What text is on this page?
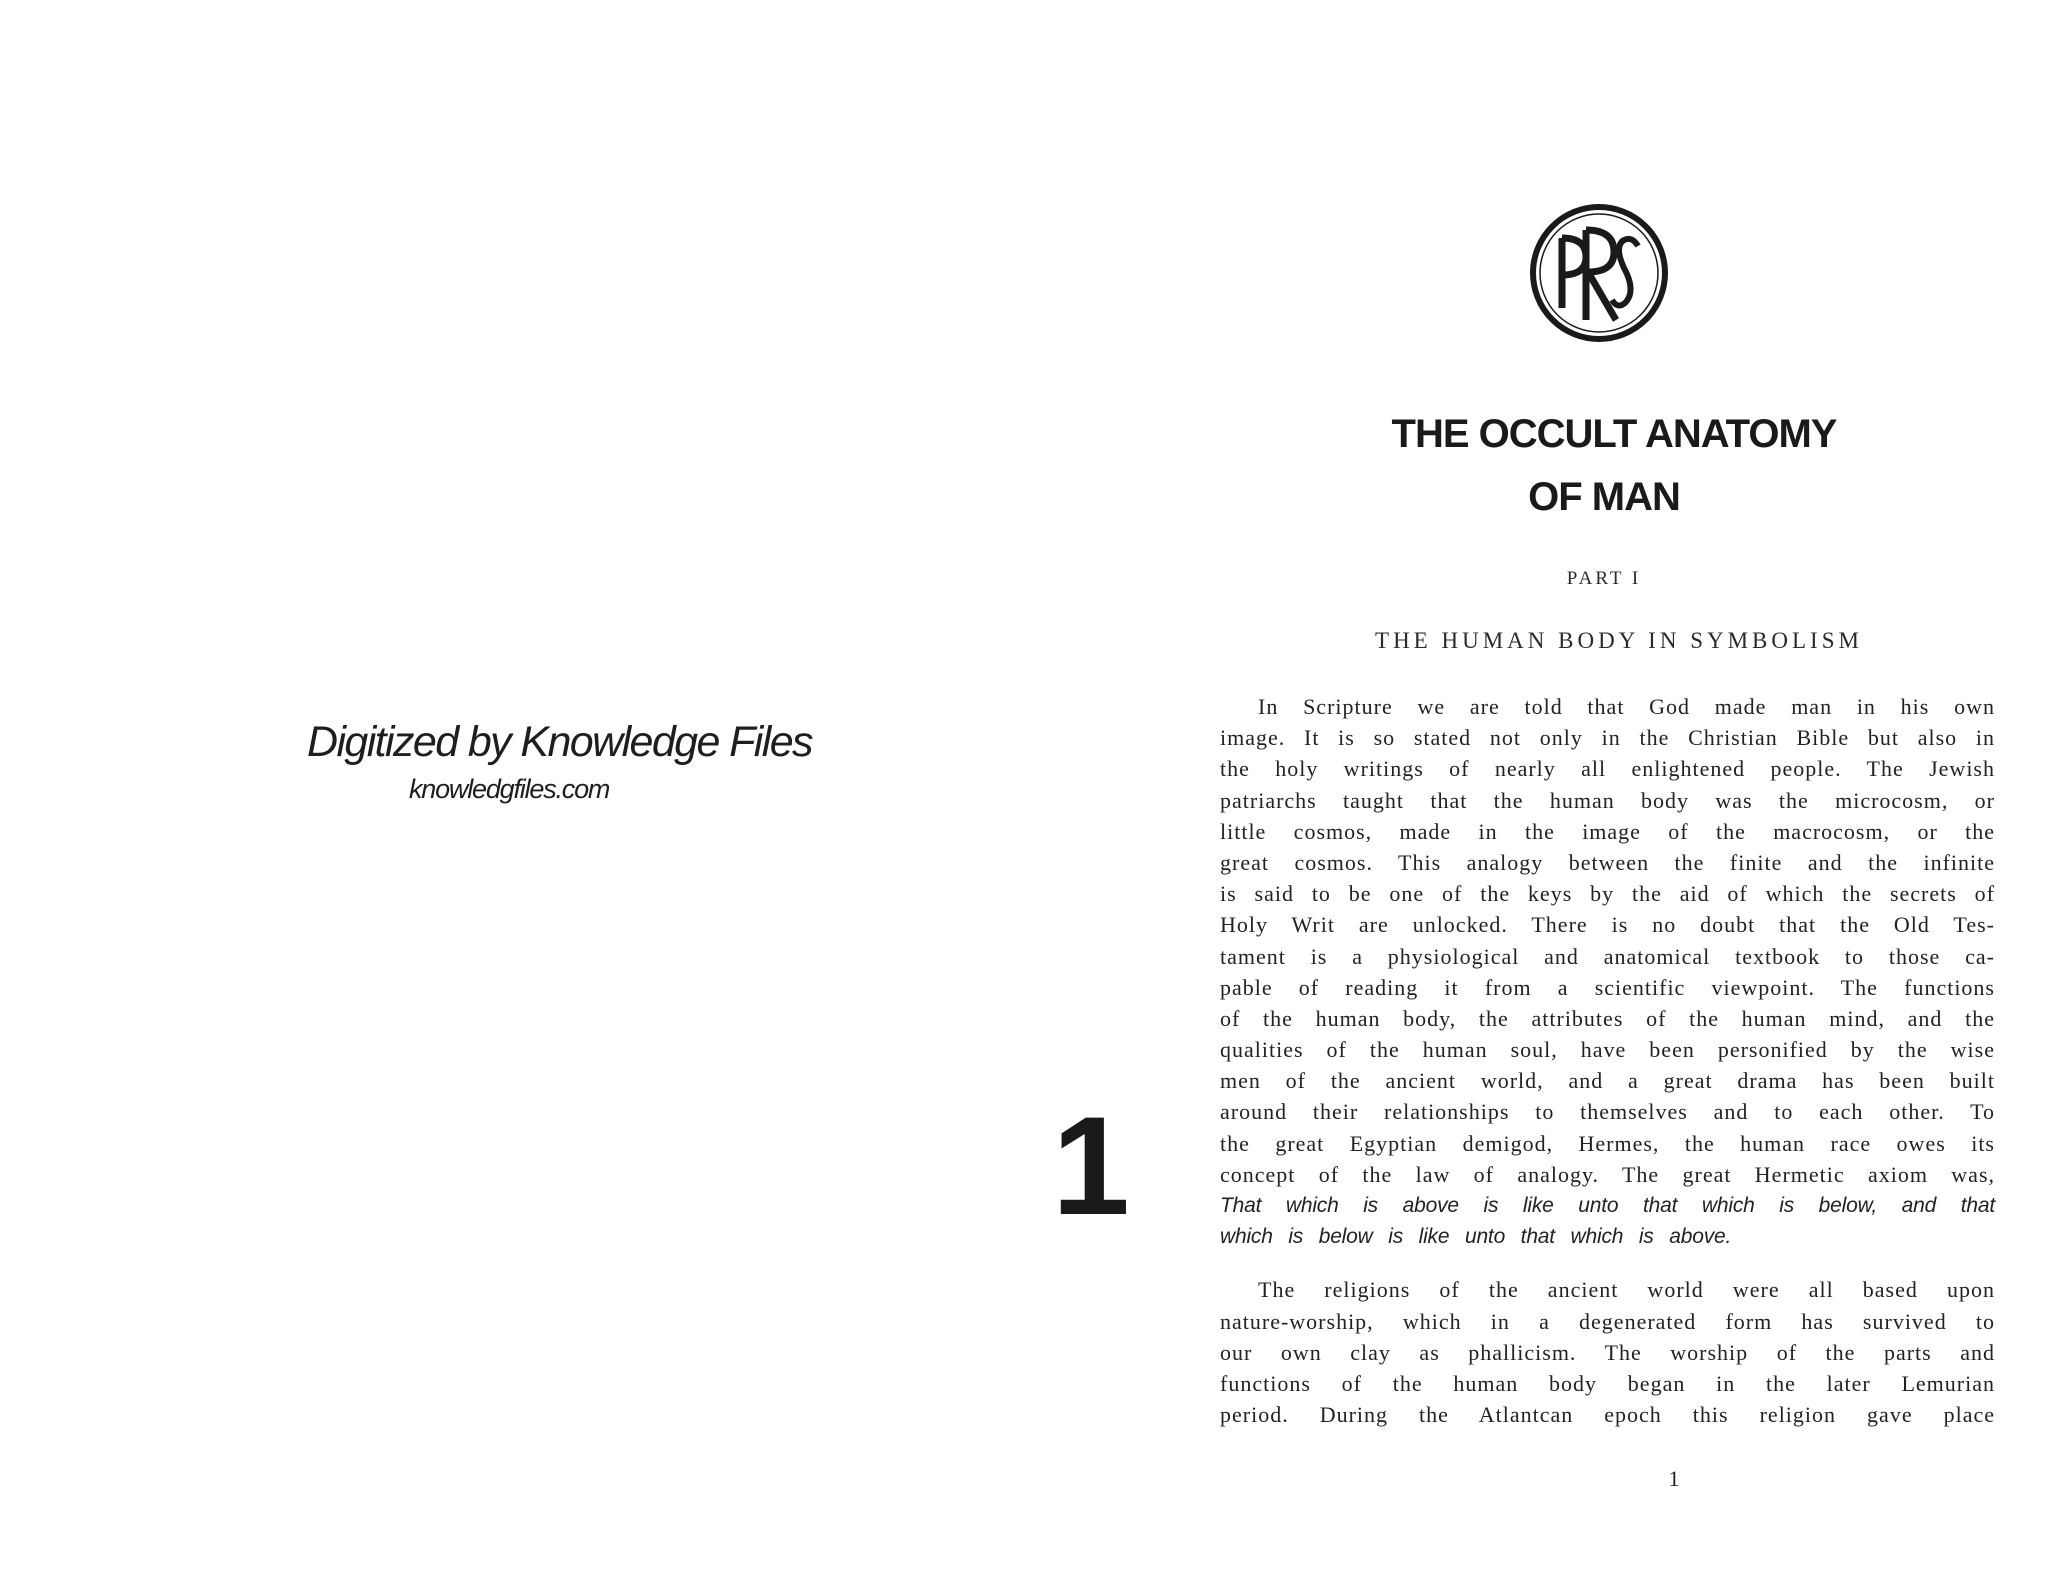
Digitized by Knowledge Files
knowledgfiles.com
1
THE OCCULT ANATOMY
OF MAN
PART I
THE HUMAN BODY IN SYMBOLISM
In Scripture we are told that God made man in his own
image. It is so stated not only in the Christian Bible but also in
the holy writings of nearly all enlightened people. The Jewish
patriarchs taught that the human body was the microcosm, or
little cosmos, made in the image of the macrocosm, or the
great cosmos. This analogy between the finite and the infinite
is said to be one of the keys by the aid of which the secrets of
Holy Writ are unlocked. There is no doubt that the Old Tes-
tament is a physiological and anatomical textbook to those ca-
pable of reading it from a scientific viewpoint. The functions
of the human body, the attributes of the human mind, and the
qualities of the human soul, have been personified by the wise
men of the ancient world, and a great drama has been built
around their relationships to themselves and to each other. To
the great Egyptian demigod, Hermes, the human race owes its
concept of the law of analogy. The great Hermetic axiom was,
That which is above is like unto that which is below, and that
which is below is like unto that which is above.
The religions of the ancient world were all based upon
nature-worship, which in a degenerated form has survived to
our own clay as phallicism. The worship of the parts and
functions of the human body began in the later Lemurian
period. During the Atlantcan epoch this religion gave place
1
